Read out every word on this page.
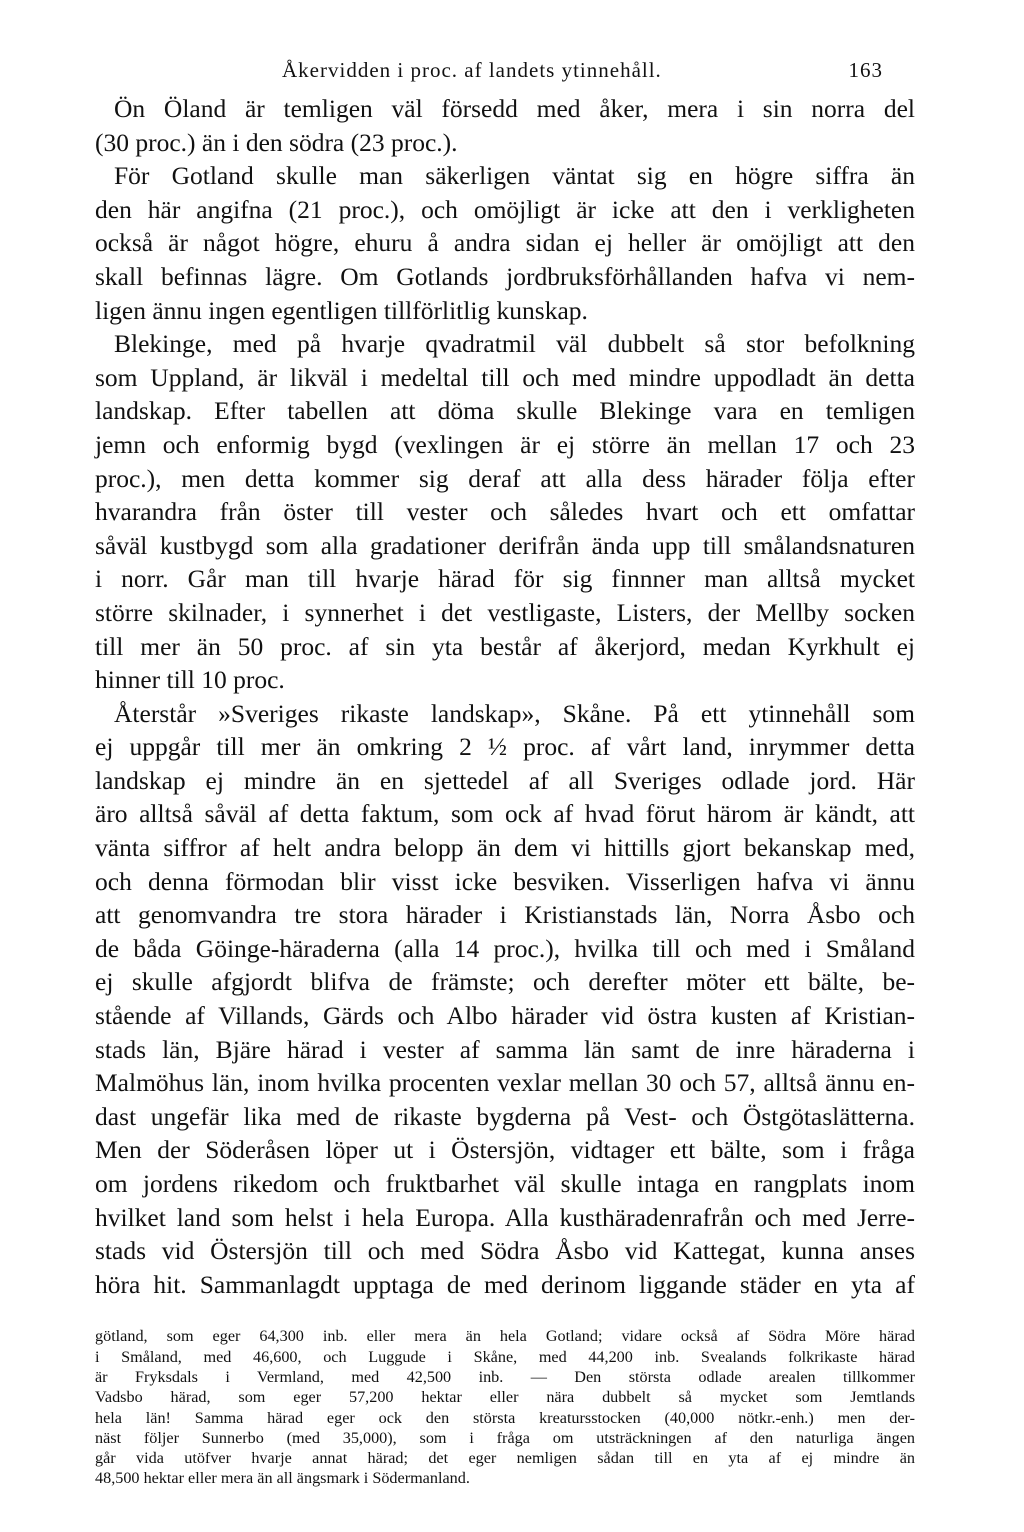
Åkervidden i proc. af landets ytinnehåll.	163
Ön Öland är temligen väl försedd med åker, mera i sin norra del
(30 proc.) än i den södra (23 proc.).
För Gotland skulle man säkerligen väntat sig en högre siffra än
den här angifna (21 proc.), och omöjligt är icke att den i verkligheten
också är något högre, ehuru å andra sidan ej heller är omöjligt att den
skall befinnas lägre. Om Gotlands jordbruksförhållanden hafva vi nem-
ligen ännu ingen egentligen tillförlitlig kunskap.
Blekinge, med på hvarje qvadratmil väl dubbelt så stor befolkning
som Uppland, är likväl i medeltal till och med mindre uppodladt än detta
landskap. Efter tabellen att döma skulle Blekinge vara en temligen
jemn och enformig bygd (vexlingen är ej större än mellan 17 och 23
proc.), men detta kommer sig deraf att alla dess härader följa efter
hvarandra från öster till vester och således hvart och ett omfattar
såväl kustbygd som alla gradationer derifrån ända upp till smålandsnaturen
i norr. Går man till hvarje härad för sig finnner man alltså mycket
större skilnader, i synnerhet i det vestligaste, Listers, der Mellby socken
till mer än 50 proc. af sin yta består af åkerjord, medan Kyrkhult ej
hinner till 10 proc.
Återstår »Sveriges rikaste landskap», Skåne. På ett ytinnehåll som
ej uppgår till mer än omkring 2 ½ proc. af vårt land, inrymmer detta
landskap ej mindre än en sjettedel af all Sveriges odlade jord. Här
äro alltså såväl af detta faktum, som ock af hvad förut härom är kändt, att
vänta siffror af helt andra belopp än dem vi hittills gjort bekanskap med,
och denna förmodan blir visst icke besviken. Visserligen hafva vi ännu
att genomvandra tre stora härader i Kristianstads län, Norra Åsbo och
de båda Göinge-häraderna (alla 14 proc.), hvilka till och med i Småland
ej skulle afgjordt blifva de främste; och derefter möter ett bälte, be-
stående af Villands, Gärds och Albo härader vid östra kusten af Kristian-
stads län, Bjäre härad i vester af samma län samt de inre häraderna i
Malmöhus län, inom hvilka procenten vexlar mellan 30 och 57, alltså ännu en-
dast ungefär lika med de rikaste bygderna på Vest- och Östgötaslätterna.
Men der Söderåsen löper ut i Östersjön, vidtager ett bälte, som i fråga
om jordens rikedom och fruktbarhet väl skulle intaga en rangplats inom
hvilket land som helst i hela Europa. Alla kusthäradenrafrån och med Jerre-
stads vid Östersjön till och med Södra Åsbo vid Kattegat, kunna anses
höra hit. Sammanlagdt upptaga de med derinom liggande städer en yta af
götland, som eger 64,300 inb. eller mera än hela Gotland; vidare också af Södra Möre härad
i Småland, med 46,600, och Luggude i Skåne, med 44,200 inb. Svealands folkrikaste härad
är Fryksdals i Vermland, med 42,500 inb. — Den största odlade arealen tillkommer
Vadsbo härad, som eger 57,200 hektar eller nära dubbelt så mycket som Jemtlands
hela län! Samma härad eger ock den största kreatursstocken (40,000 nötkr.-enh.) men der-
näst följer Sunnerbo (med 35,000), som i fråga om utsträckningen af den naturliga ängen
går vida utöfver hvarje annat härad; det eger nemligen sådan till en yta af ej mindre än
48,500 hektar eller mera än all ängsmark i Södermanland.
